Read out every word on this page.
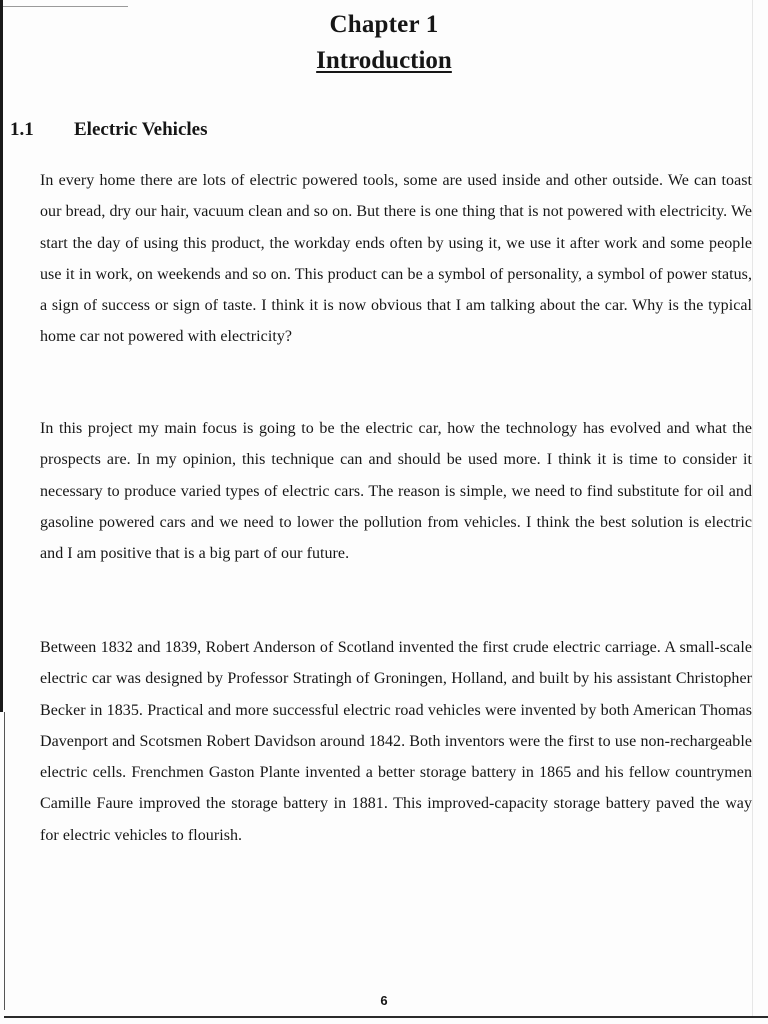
Chapter 1
Introduction
1.1 Electric Vehicles
In every home there are lots of electric powered tools, some are used inside and other outside. We can toast our bread, dry our hair, vacuum clean and so on. But there is one thing that is not powered with electricity. We start the day of using this product, the workday ends often by using it, we use it after work and some people use it in work, on weekends and so on. This product can be a symbol of personality, a symbol of power status, a sign of success or sign of taste. I think it is now obvious that I am talking about the car. Why is the typical home car not powered with electricity?
In this project my main focus is going to be the electric car, how the technology has evolved and what the prospects are. In my opinion, this technique can and should be used more. I think it is time to consider it necessary to produce varied types of electric cars. The reason is simple, we need to find substitute for oil and gasoline powered cars and we need to lower the pollution from vehicles. I think the best solution is electric and I am positive that is a big part of our future.
Between 1832 and 1839, Robert Anderson of Scotland invented the first crude electric carriage. A small-scale electric car was designed by Professor Stratingh of Groningen, Holland, and built by his assistant Christopher Becker in 1835. Practical and more successful electric road vehicles were invented by both American Thomas Davenport and Scotsmen Robert Davidson around 1842. Both inventors were the first to use non-rechargeable electric cells. Frenchmen Gaston Plante invented a better storage battery in 1865 and his fellow countrymen Camille Faure improved the storage battery in 1881. This improved-capacity storage battery paved the way for electric vehicles to flourish.
6
